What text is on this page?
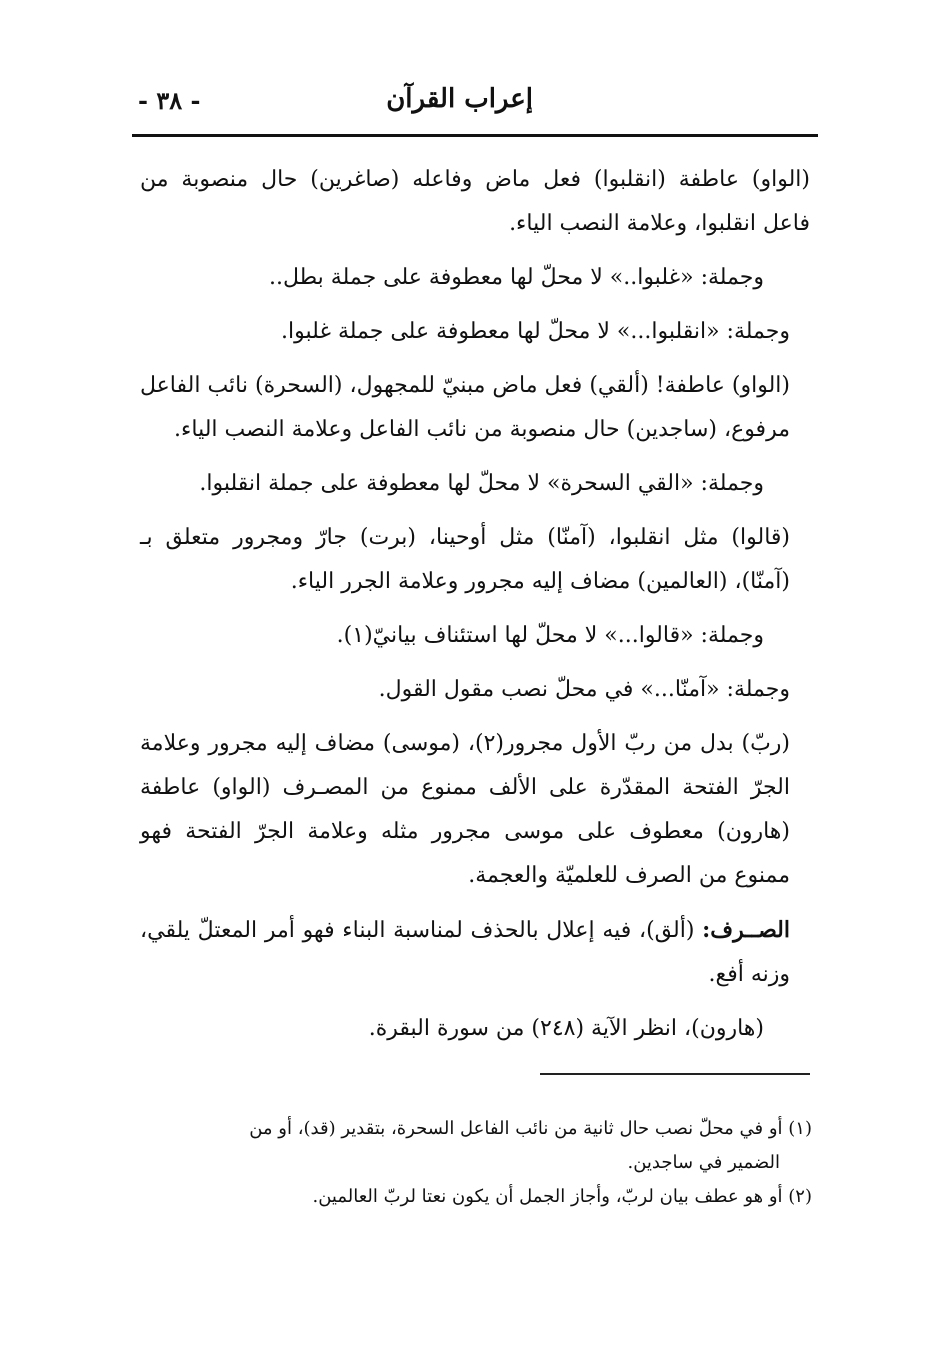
إعراب القرآن
- ٣٨ -

(الواو) عاطفة (انقلبوا) فعل ماض وفاعله (صاغرين) حال منصوبة من فاعل انقلبوا، وعلامة النصب الياء.

وجملة: «غلبوا..» لا محلّ لها معطوفة على جملة بطل..

وجملة: «انقلبوا...» لا محلّ لها معطوفة على جملة غلبوا.

(الواو) عاطفة! (ألقي) فعل ماض مبنيّ للمجهول، (السحرة) نائب الفاعل مرفوع، (ساجدين) حال منصوبة من نائب الفاعل وعلامة النصب الياء.

وجملة: «القي السحرة» لا محلّ لها معطوفة على جملة انقلبوا.

(قالوا) مثل انقلبوا، (آمنّا) مثل أوحينا، (برت) جارّ ومجرور متعلق بـ (آمنّا)، (العالمين) مضاف إليه مجرور وعلامة الجرر الياء.

وجملة: «قالوا...» لا محلّ لها استئناف بيانيّ(١).

وجملة: «آمنّا...» في محلّ نصب مقول القول.

(ربّ) بدل من ربّ الأول مجرور(٢)، (موسى) مضاف إليه مجرور وعلامة الجرّ الفتحة المقدّرة على الألف ممنوع من المصـرف (الواو) عاطفة (هارون) معطوف على موسى مجرور مثله وعلامة الجرّ الفتحة فهو ممنوع من الصرف للعلميّة والعجمة.

الصــرف: (ألق)، فيه إعلال بالحذف لمناسبة البناء فهو أمر المعتلّ يلقي، وزنه أفع.

(هارون)، انظر الآية (٢٤٨) من سورة البقرة.

(١) أو في محلّ نصب حال ثانية من نائب الفاعل السحرة، بتقدير (قد)، أو من

الضمير في ساجدين.

(٢) أو هو عطف بيان لربّ، وأجاز الجمل أن يكون نعتا لربّ العالمين.
